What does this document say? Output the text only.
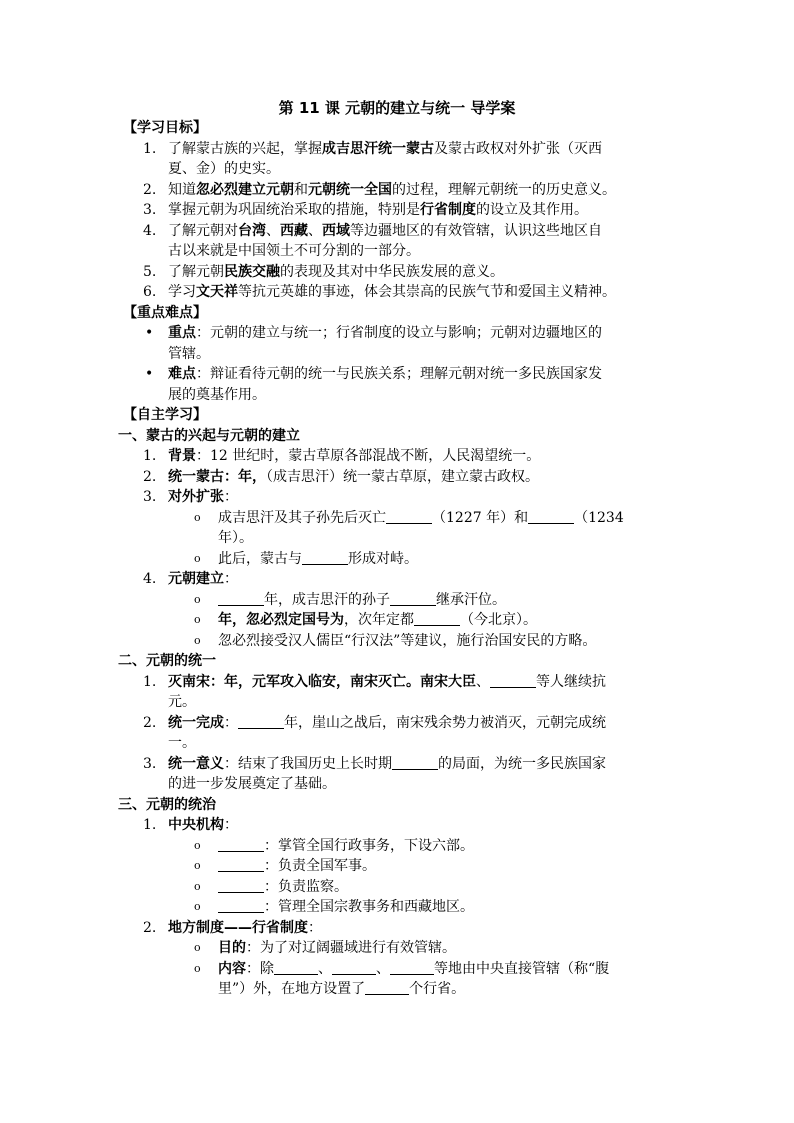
第 11 课 元朝的建立与统一 导学案
【学习目标】
1. 了解蒙古族的兴起，掌握成吉思汗统一蒙古及蒙古政权对外扩张（灭西
夏、金）的史实。
2. 知道忽必烈建立元朝和元朝统一全国的过程，理解元朝统一的历史意义。
3. 掌握元朝为巩固统治采取的措施，特别是行省制度的设立及其作用。
4. 了解元朝对台湾、西藏、西域等边疆地区的有效管辖，认识这些地区自
古以来就是中国领土不可分割的一部分。
5. 了解元朝民族交融的表现及其对中华民族发展的意义。
6. 学习文天祥等抗元英雄的事迹，体会其崇高的民族气节和爱国主义精神。
【重点难点】
• 重点：元朝的建立与统一；行省制度的设立与影响；元朝对边疆地区的
管辖。
• 难点：辩证看待元朝的统一与民族关系；理解元朝对统一多民族国家发
展的奠基作用。
【自主学习】
一、蒙古的兴起与元朝的建立
1. 背景：12 世纪时，蒙古草原各部混战不断，人民渴望统一。
2. 统一蒙古：年，（成吉思汗）统一蒙古草原，建立蒙古政权。
3. 对外扩张：
o 成吉思汗及其子孙先后灭亡	（1227 年）和	（1234
年）。
o 此后，蒙古与	形成对峙。
4. 元朝建立：
o	年，成吉思汗的孙子	继承汗位。
o 年，忽必烈定国号为，次年定都	（今北京）。
o 忽必烈接受汉人儒臣“行汉法”等建议，施行治国安民的方略。
二、元朝的统一
1. 灭南宋：年，元军攻入临安，南宋灭亡。南宋大臣、	等人继续抗
元。
2. 统一完成：	年，崖山之战后，南宋残余势力被消灭，元朝完成统
一。
3. 统一意义：结束了我国历史上长时期	的局面，为统一多民族国家
的进一步发展奠定了基础。
三、元朝的统治
1. 中央机构：
o	：掌管全国行政事务，下设六部。
o	：负责全国军事。
o	：负责监察。
o	：管理全国宗教事务和西藏地区。
2. 地方制度——行省制度：
o 目的：为了对辽阔疆域进行有效管辖。
o 内容：除	、	、	等地由中央直接管辖（称“腹
里”）外，在地方设置了	个行省。
